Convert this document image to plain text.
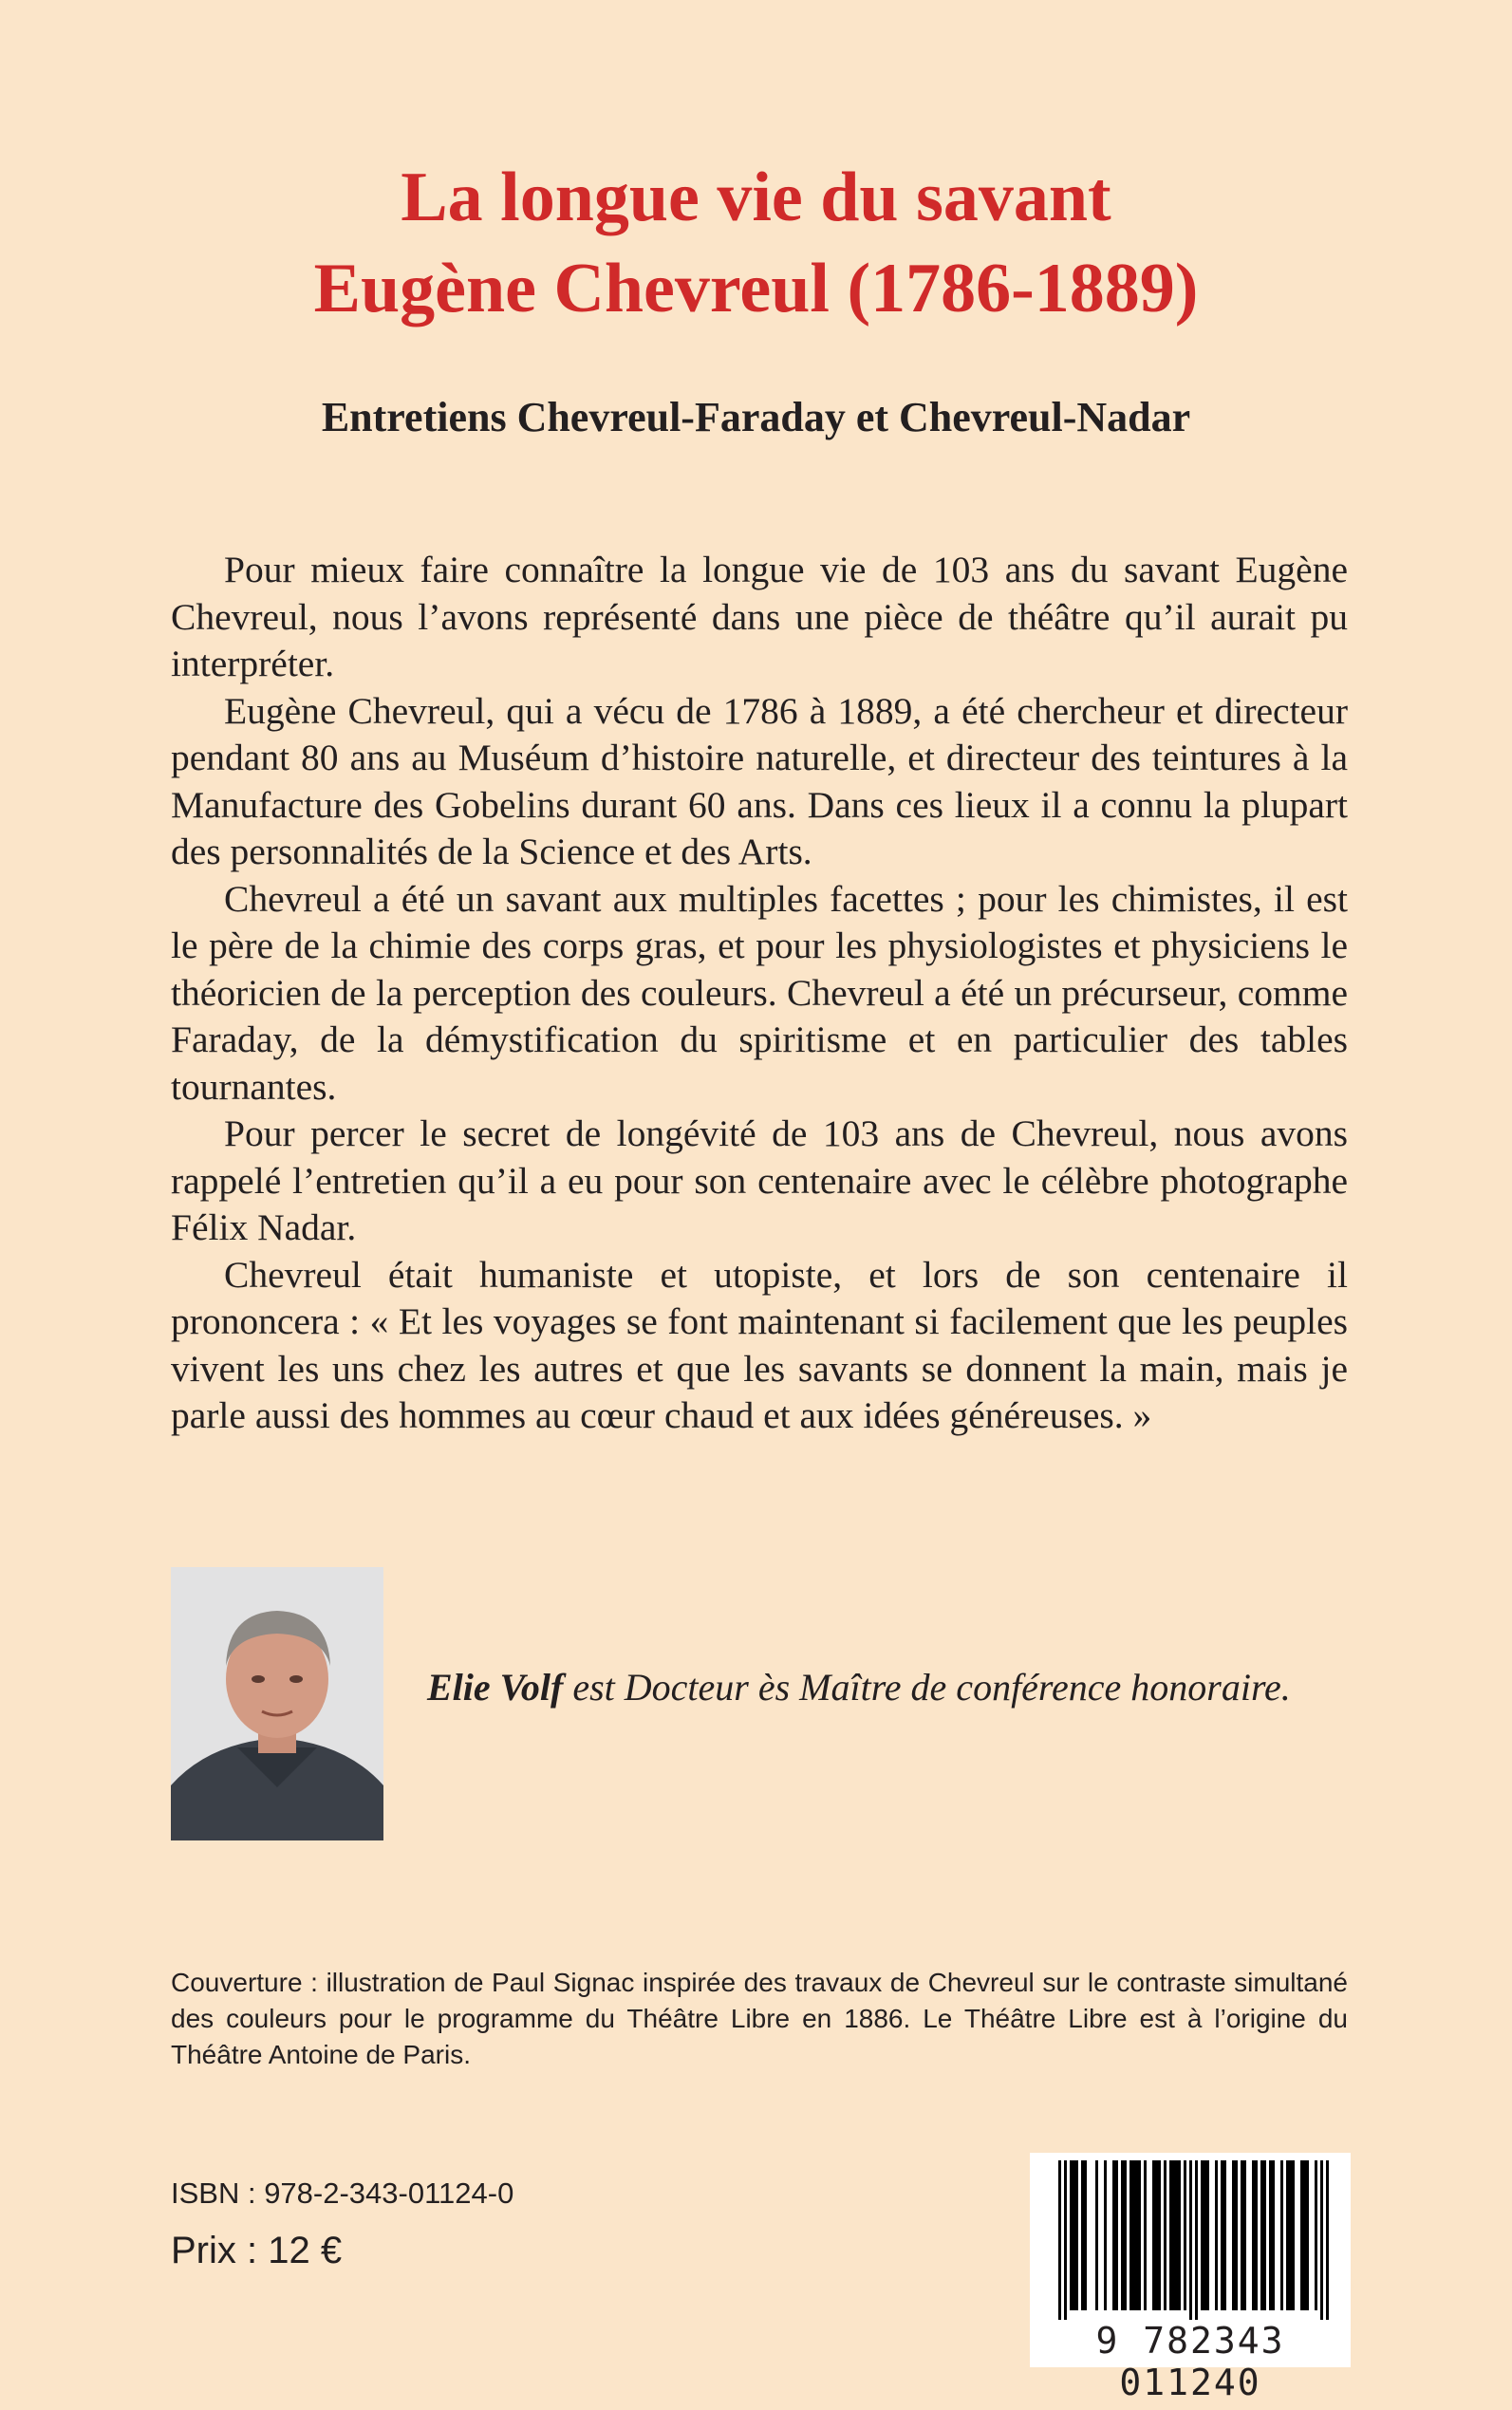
La longue vie du savant
Eugène Chevreul (1786-1889)
Entretiens Chevreul-Faraday et Chevreul-Nadar

Pour mieux faire connaître la longue vie de 103 ans du savant Eugène Chevreul, nous l’avons représenté dans une pièce de théâtre qu’il aurait pu interpréter.

Eugène Chevreul, qui a vécu de 1786 à 1889, a été chercheur et directeur pendant 80 ans au Muséum d’histoire naturelle, et directeur des teintures à la Manufacture des Gobelins durant 60 ans. Dans ces lieux il a connu la plupart des personnalités de la Science et des Arts.

Chevreul a été un savant aux multiples facettes ; pour les chimistes, il est le père de la chimie des corps gras, et pour les physiologistes et physiciens le théoricien de la perception des couleurs. Chevreul a été un précurseur, comme Faraday, de la démystification du spiritisme et en particulier des tables tournantes.

Pour percer le secret de longévité de 103 ans de Chevreul, nous avons rappelé l’entretien qu’il a eu pour son centenaire avec le célèbre photographe Félix Nadar.

Chevreul était humaniste et utopiste, et lors de son centenaire il prononcera : « Et les voyages se font maintenant si facilement que les peuples vivent les uns chez les autres et que les savants se donnent la main, mais je parle aussi des hommes au cœur chaud et aux idées généreuses. »

Elie Volf est Docteur ès Maître de conférence honoraire.
Couverture : illustration de Paul Signac inspirée des travaux de Chevreul sur le contraste simultané des couleurs pour le programme du Théâtre Libre en 1886. Le Théâtre Libre est à l’origine du Théâtre Antoine de Paris.
ISBN : 978-2-343-01124-0
Prix : 12 €
9 782343 011240
